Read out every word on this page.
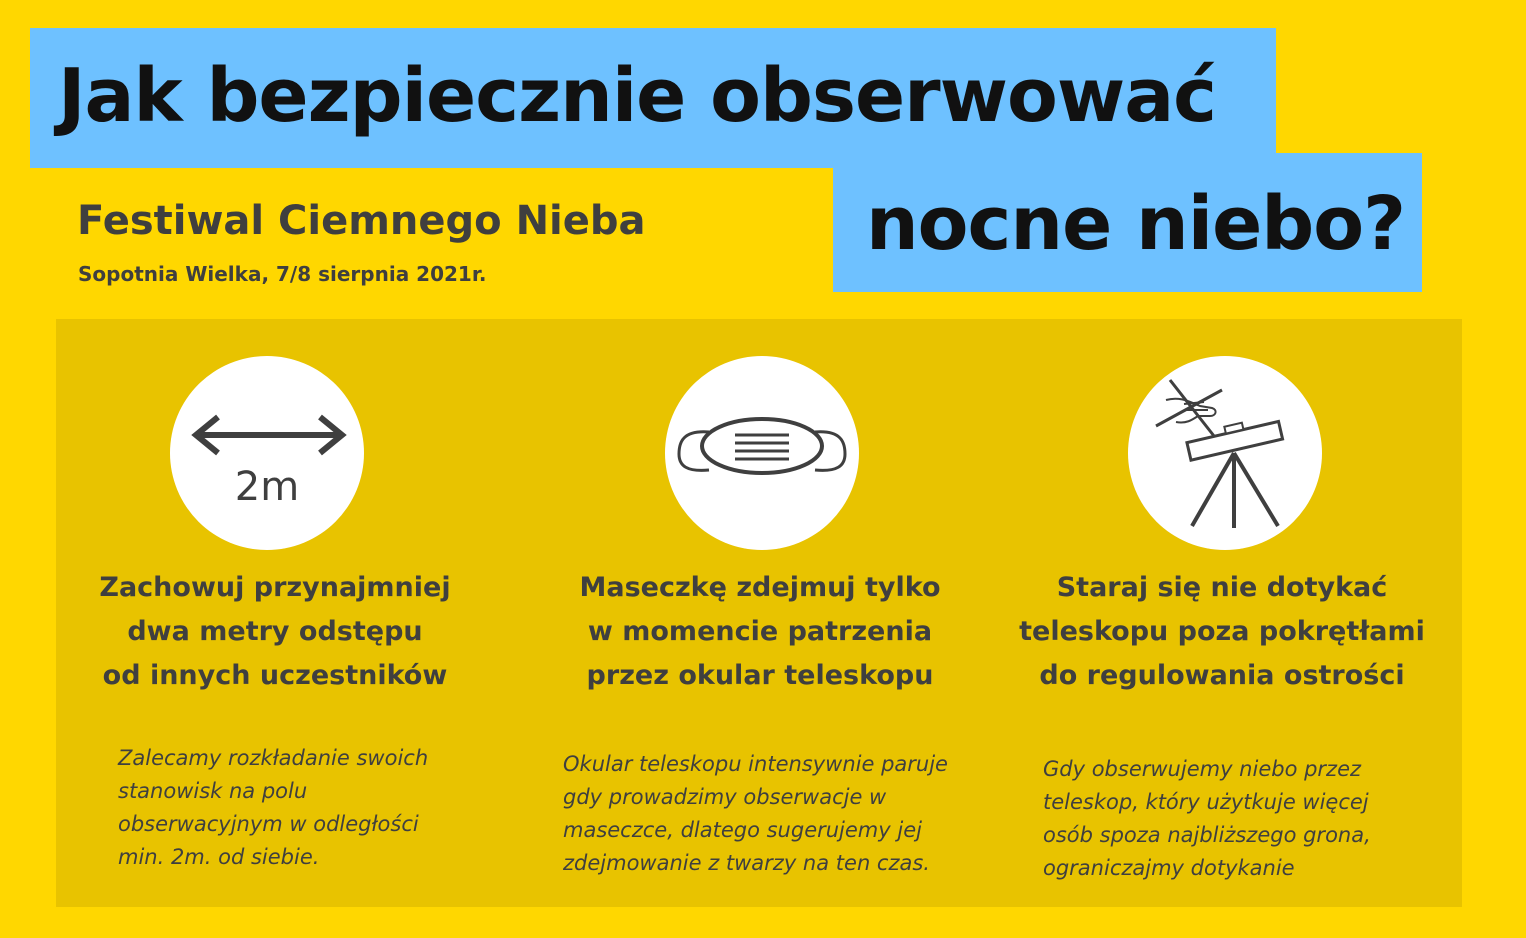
Jak bezpiecznie obserwować
nocne niebo?
Festiwal Ciemnego Nieba
Sopotnia Wielka, 7/8 sierpnia 2021r.
2m
Zachowuj przynajmniej
dwa metry odstępu
od innych uczestników
Zalecamy rozkładanie swoich
stanowisk na polu
obserwacyjnym w odległości
min. 2m. od siebie.
Maseczkę zdejmuj tylko
w momencie patrzenia
przez okular teleskopu
Okular teleskopu intensywnie paruje
gdy prowadzimy obserwacje w
maseczce, dlatego sugerujemy jej
zdejmowanie z twarzy na ten czas.
Staraj się nie dotykać
teleskopu poza pokrętłami
do regulowania ostrości
Gdy obserwujemy niebo przez
teleskop, który użytkuje więcej
osób spoza najbliższego grona,
ograniczajmy dotykanie
